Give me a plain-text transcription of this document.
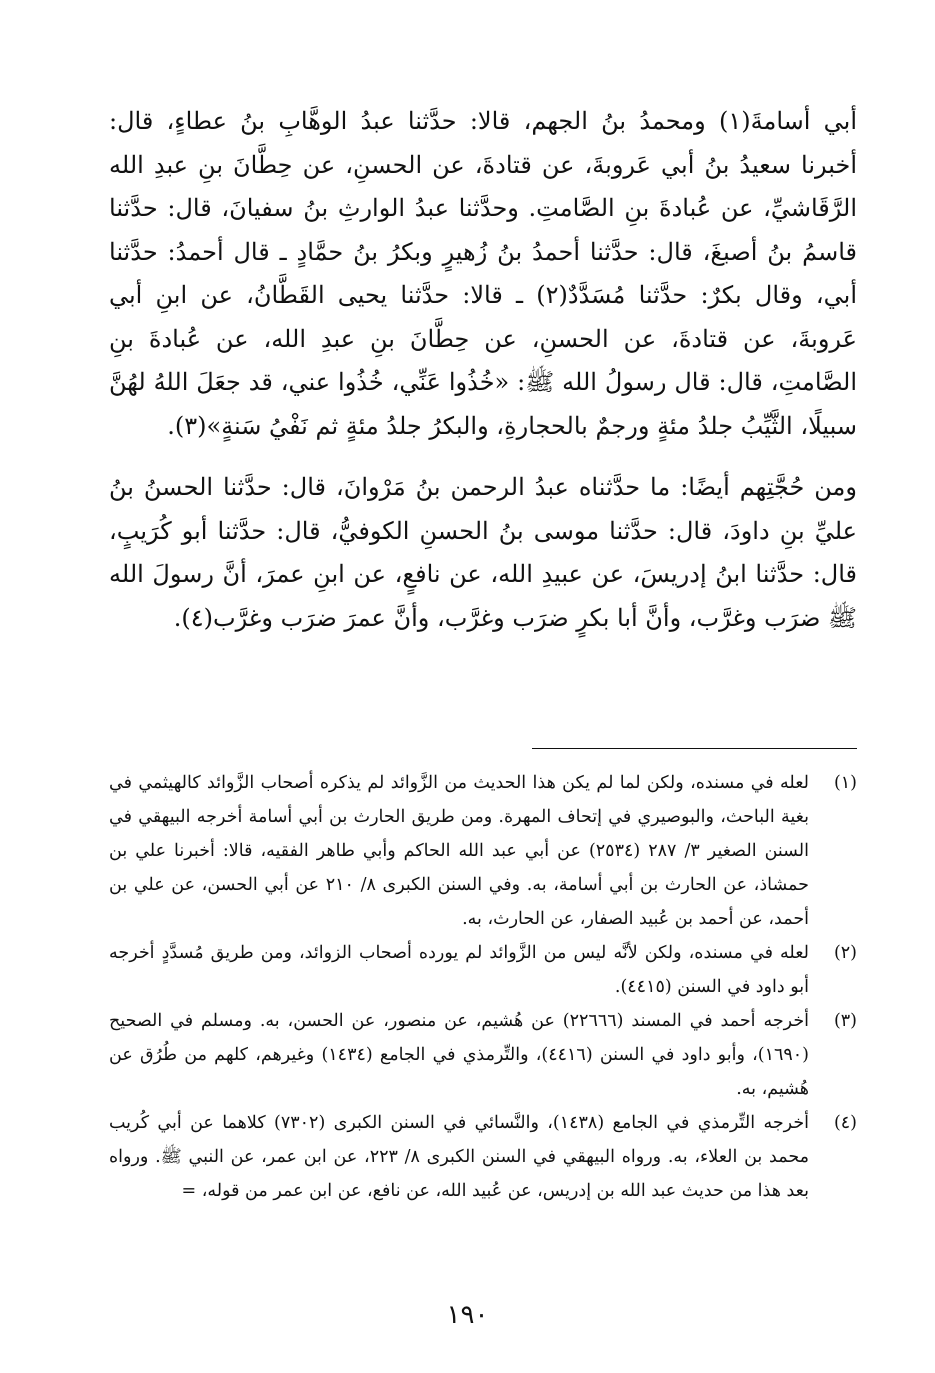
أبي أسامةَ(١) ومحمدُ بنُ الجهم، قالا: حدَّثنا عبدُ الوهَّابِ بنُ عطاءٍ، قال: أخبرنا سعيدُ بنُ أبي عَروبةَ، عن قتادةَ، عن الحسنِ، عن حِطَّانَ بنِ عبدِ الله الرَّقَاشيِّ، عن عُبادةَ بنِ الصَّامتِ. وحدَّثنا عبدُ الوارثِ بنُ سفيانَ، قال: حدَّثنا قاسمُ بنُ أصبغَ، قال: حدَّثنا أحمدُ بنُ زُهيرٍ وبكرُ بنُ حمَّادٍ ـ قال أحمدُ: حدَّثنا أبي، وقال بكرٌ: حدَّثنا مُسَدَّدٌ(٢) ـ قالا: حدَّثنا يحيى القَطَّانُ، عن ابنِ أبي عَروبةَ، عن قتادةَ، عن الحسنِ، عن حِطَّانَ بنِ عبدِ الله، عن عُبادةَ بنِ الصَّامتِ، قال: قال رسولُ الله ﷺ: «خُذُوا عَنِّي، خُذُوا عني، قد جعَلَ اللهُ لهُنَّ سبيلًا، الثَّيِّبُ جلدُ مئةٍ ورجمٌ بالحجارةِ، والبكرُ جلدُ مئةٍ ثم نَفْيُ سَنةٍ»(٣).

ومن حُجَّتِهم أيضًا: ما حدَّثناه عبدُ الرحمن بنُ مَرْوانَ، قال: حدَّثنا الحسنُ بنُ عليِّ بنِ داودَ، قال: حدَّثنا موسى بنُ الحسنِ الكوفيُّ، قال: حدَّثنا أبو كُرَيبٍ، قال: حدَّثنا ابنُ إدريسَ، عن عبيدِ الله، عن نافعٍ، عن ابنِ عمرَ، أنَّ رسولَ الله ﷺ ضرَب وغرَّب، وأنَّ أبا بكرٍ ضرَب وغرَّب، وأنَّ عمرَ ضرَب وغرَّب(٤).

(١)
لعله في مسنده، ولكن لما لم يكن هذا الحديث من الزَّوائد لم يذكره أصحاب الزَّوائد كالهيثمي في بغية الباحث، والبوصيري في إتحاف المهرة. ومن طريق الحارث بن أبي أسامة أخرجه البيهقي في السنن الصغير ٣/ ٢٨٧ (٢٥٣٤) عن أبي عبد الله الحاكم وأبي طاهر الفقيه، قالا: أخبرنا علي بن حمشاذ، عن الحارث بن أبي أسامة، به. وفي السنن الكبرى ٨/ ٢١٠ عن أبي الحسن، عن علي بن أحمد، عن أحمد بن عُبيد الصفار، عن الحارث، به.
(٢)
لعله في مسنده، ولكن لأنَّه ليس من الزَّوائد لم يورده أصحاب الزوائد، ومن طريق مُسدَّدٍ أخرجه أبو داود في السنن (٤٤١٥).
(٣)
أخرجه أحمد في المسند (٢٢٦٦٦) عن هُشيم، عن منصور، عن الحسن، به. ومسلم في الصحيح (١٦٩٠)، وأبو داود في السنن (٤٤١٦)، والتِّرمذي في الجامع (١٤٣٤) وغيرهم، كلهم من طُرُق عن هُشيم، به.
(٤)
أخرجه التِّرمذي في الجامع (١٤٣٨)، والنَّسائي في السنن الكبرى (٧٣٠٢) كلاهما عن أبي كُريب محمد بن العلاء، به. ورواه البيهقي في السنن الكبرى ٨/ ٢٢٣، عن ابن عمر، عن النبي ﷺ. ورواه بعد هذا من حديث عبد الله بن إدريس، عن عُبيد الله، عن نافع، عن ابن عمر من قوله، =
١٩٠
